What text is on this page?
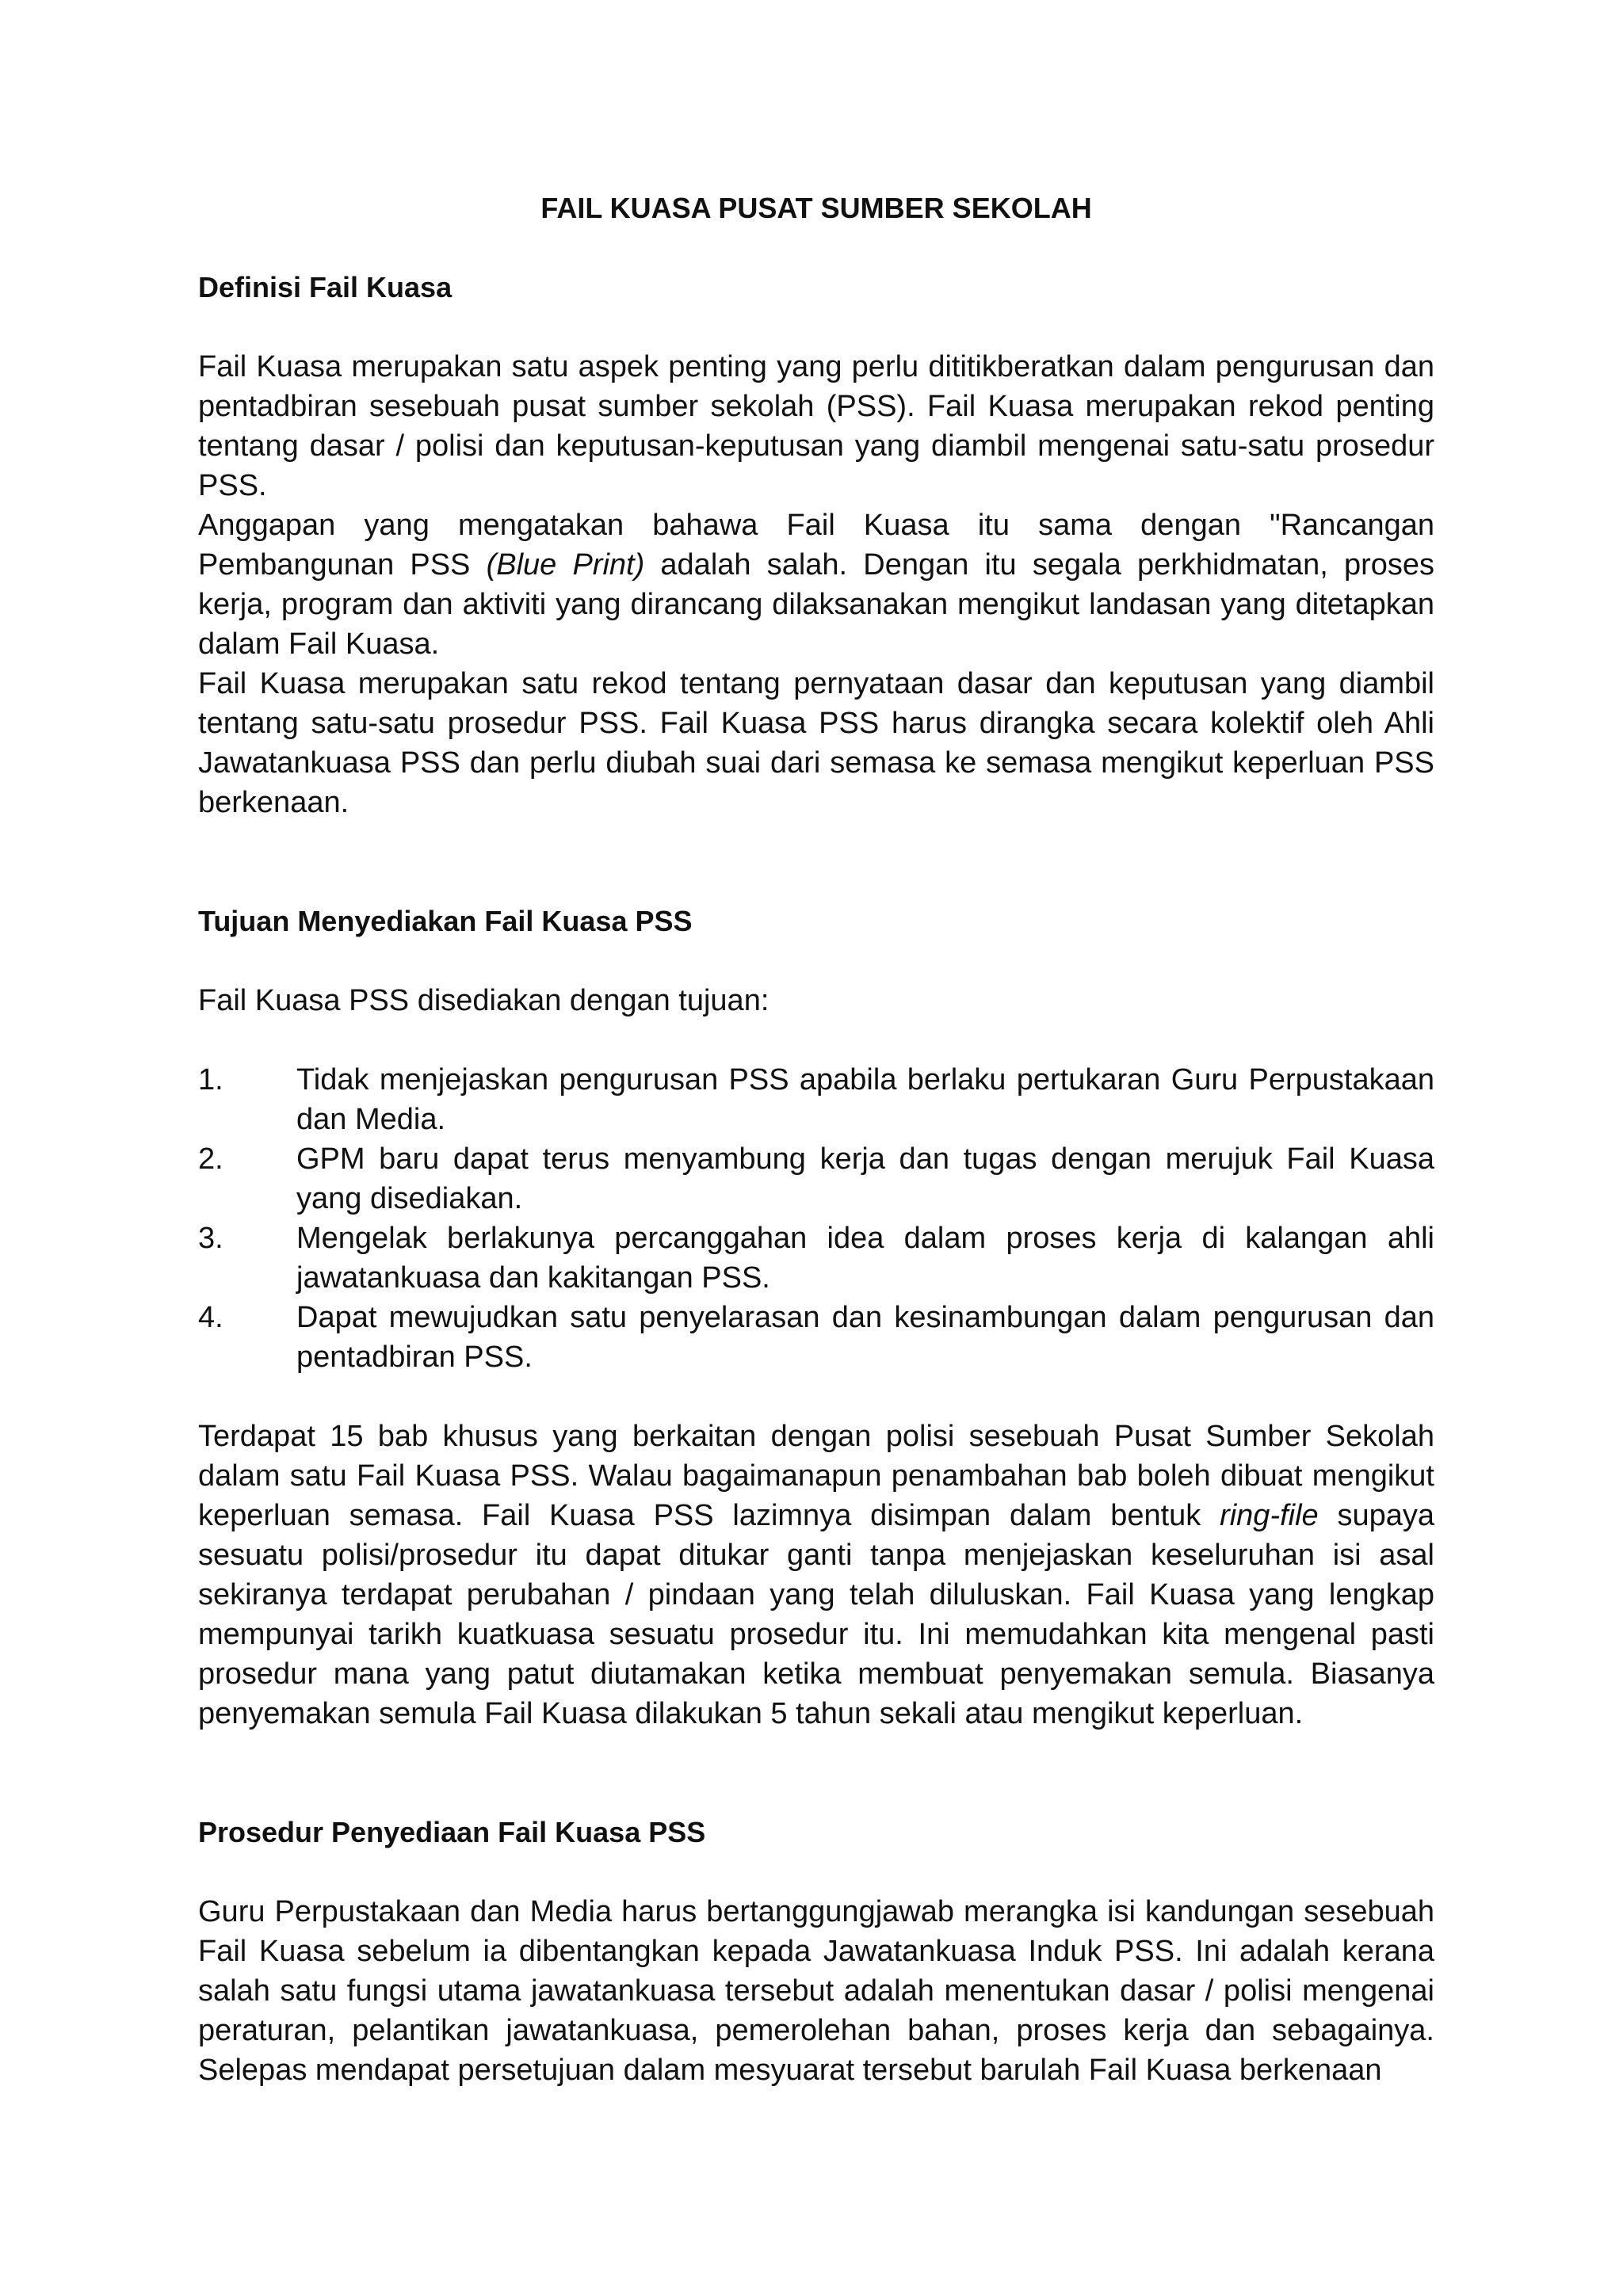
FAIL KUASA PUSAT SUMBER SEKOLAH
Definisi Fail Kuasa

Fail Kuasa merupakan satu aspek penting yang perlu dititikberatkan dalam pengurusan dan pentadbiran sesebuah pusat sumber sekolah (PSS). Fail Kuasa merupakan rekod penting tentang dasar / polisi dan keputusan-keputusan yang diambil mengenai satu-satu prosedur PSS.

Anggapan yang mengatakan bahawa Fail Kuasa itu sama dengan "Rancangan Pembangunan PSS (Blue Print) adalah salah. Dengan itu segala perkhidmatan, proses kerja, program dan aktiviti yang dirancang dilaksanakan mengikut landasan yang ditetapkan dalam Fail Kuasa.

Fail Kuasa merupakan satu rekod tentang pernyataan dasar dan keputusan yang diambil tentang satu-satu prosedur PSS. Fail Kuasa PSS harus dirangka secara kolektif oleh Ahli Jawatankuasa PSS dan perlu diubah suai dari semasa ke semasa mengikut keperluan PSS berkenaan.

Tujuan Menyediakan Fail Kuasa PSS

Fail Kuasa PSS disediakan dengan tujuan:

1.	Tidak menjejaskan pengurusan PSS apabila berlaku pertukaran Guru Perpustakaan dan Media.
2.	GPM baru dapat terus menyambung kerja dan tugas dengan merujuk Fail Kuasa yang disediakan.
3.	Mengelak berlakunya percanggahan idea dalam proses kerja di kalangan ahli jawatankuasa dan kakitangan PSS.
4.	Dapat mewujudkan satu penyelarasan dan kesinambungan dalam pengurusan dan pentadbiran PSS.

Terdapat 15 bab khusus yang berkaitan dengan polisi sesebuah Pusat Sumber Sekolah dalam satu Fail Kuasa PSS. Walau bagaimanapun penambahan bab boleh dibuat mengikut keperluan semasa. Fail Kuasa PSS lazimnya disimpan dalam bentuk ring-file supaya sesuatu polisi/prosedur itu dapat ditukar ganti tanpa menjejaskan keseluruhan isi asal sekiranya terdapat perubahan / pindaan yang telah diluluskan. Fail Kuasa yang lengkap mempunyai tarikh kuatkuasa sesuatu prosedur itu. Ini memudahkan kita mengenal pasti prosedur mana yang patut diutamakan ketika membuat penyemakan semula. Biasanya penyemakan semula Fail Kuasa dilakukan 5 tahun sekali atau mengikut keperluan.

Prosedur Penyediaan Fail Kuasa PSS

Guru Perpustakaan dan Media harus bertanggungjawab merangka isi kandungan sesebuah Fail Kuasa sebelum ia dibentangkan kepada Jawatankuasa Induk PSS. Ini adalah kerana salah satu fungsi utama jawatankuasa tersebut adalah menentukan dasar / polisi mengenai peraturan, pelantikan jawatankuasa, pemerolehan bahan, proses kerja dan sebagainya. Selepas mendapat persetujuan dalam mesyuarat tersebut barulah Fail Kuasa berkenaan
